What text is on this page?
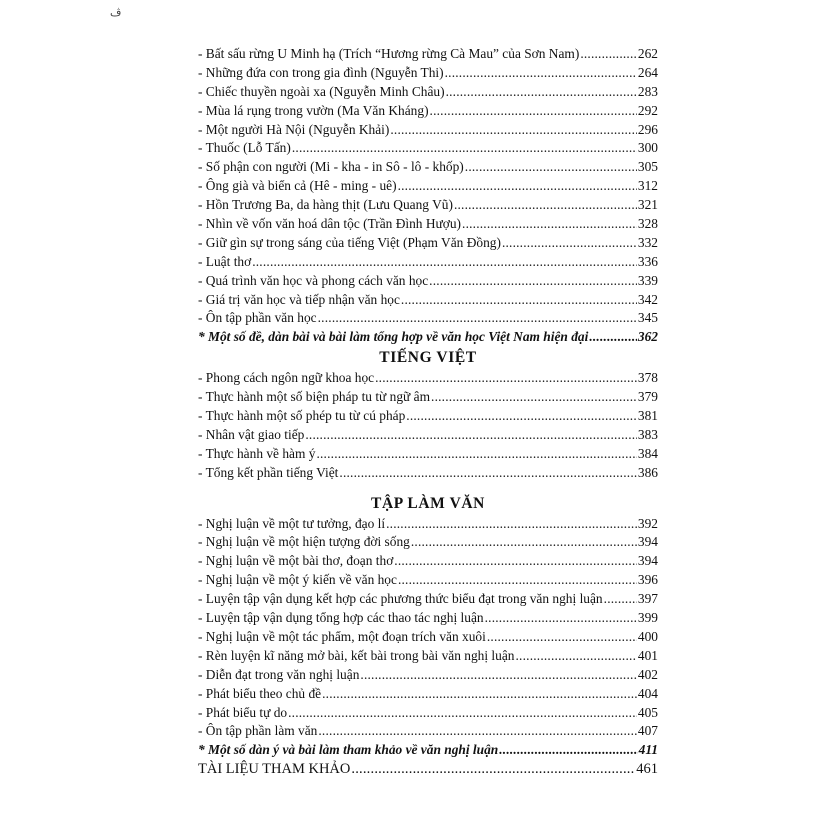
ﭪ
- Bất sấu rừng U Minh hạ (Trích “Hương rừng Cà Mau” của Sơn Nam) .....	262
- Những đứa con trong gia đình (Nguyễn Thi) .....	264
- Chiếc thuyền ngoài xa (Nguyễn Minh Châu) .....	283
- Mùa lá rụng trong vườn (Ma Văn Kháng) .....	292
- Một người Hà Nội (Nguyễn Khải) .....	296
- Thuốc (Lỗ Tấn) .....	300
- Số phận con người (Mi - kha - in Sô - lô - khốp) .....	305
- Ông già và biển cả (Hê - ming - uê) .....	312
- Hồn Trương Ba, da hàng thịt (Lưu Quang Vũ) .....	321
- Nhìn về vốn văn hoá dân tộc (Trần Đình Hượu) .....	328
- Giữ gìn sự trong sáng của tiếng Việt (Phạm Văn Đồng) .....	332
- Luật thơ .....	336
- Quá trình văn học và phong cách văn học .....	339
- Giá trị văn học và tiếp nhận văn học .....	342
- Ôn tập phần văn học .....	345
* Một số đề, dàn bài và bài làm tổng hợp về văn học Việt Nam hiện đại .....	362
TIẾNG VIỆT
- Phong cách ngôn ngữ khoa học .....	378
- Thực hành một số biện pháp tu từ ngữ âm .....	379
- Thực hành một số phép tu từ cú pháp .....	381
- Nhân vật giao tiếp .....	383
- Thực hành về hàm ý .....	384
- Tổng kết phần tiếng Việt .....	386
TẬP LÀM VĂN
- Nghị luận về một tư tưởng, đạo lí .....	392
- Nghị luận về một hiện tượng đời sống .....	394
- Nghị luận về một bài thơ, đoạn thơ .....	394
- Nghị luận về một ý kiến về văn học .....	396
- Luyện tập vận dụng kết hợp các phương thức biểu đạt trong văn nghị luận .....	397
- Luyện tập vận dụng tổng hợp các thao tác nghị luận .....	399
- Nghị luận về một tác phẩm, một đoạn trích văn xuôi .....	400
- Rèn luyện kĩ năng mở bài, kết bài trong bài văn nghị luận .....	401
- Diễn đạt trong văn nghị luận .....	402
- Phát biểu theo chủ đề .....	404
- Phát biểu tự do .....	405
- Ôn tập phần làm văn .....	407
* Một số dàn ý và bài làm tham khảo về văn nghị luận .....	411
TÀI LIỆU THAM KHẢO .....	461
